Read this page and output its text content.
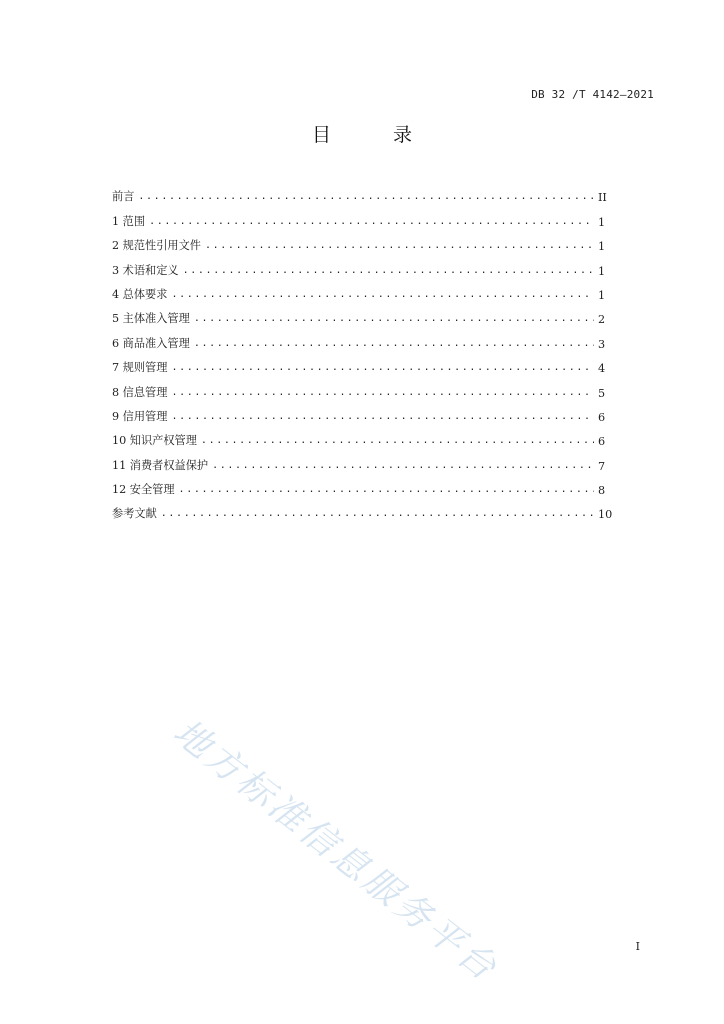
DB 32 /T 4142—2021
目 录
前言 . . .	II
1 范围 . . .	1
2 规范性引用文件 . . .	1
3 术语和定义 . . .	1
4 总体要求 . . .	1
5 主体准入管理 . . .	2
6 商品准入管理 . . .	3
7 规则管理 . . .	4
8 信息管理 . . .	5
9 信用管理 . . .	6
10 知识产权管理 . . .	6
11 消费者权益保护 . . .	7
12 安全管理 . . .	8
参考文献 . . .	10
地方标准信息服务平台	I
